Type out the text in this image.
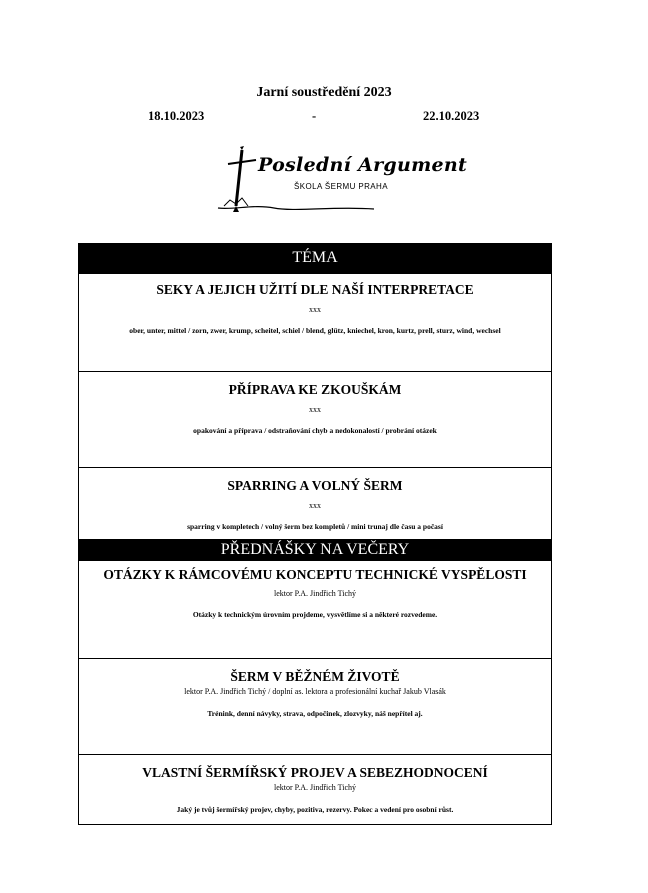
Jarní soustředění 2023
18.10.2023	-	22.10.2023
Poslední Argument
ŠKOLA ŠERMU PRAHA
TÉMA
SEKY A JEJICH UŽITÍ DLE NAŠÍ INTERPRETACE
xxx
ober, unter, mittel / zorn, zwer, krump, scheitel, schiel / blend, glütz, kniechel, kron, kurtz, prell, sturz, wind, wechsel
PŘÍPRAVA KE ZKOUŠKÁM
xxx
opakování a příprava / odstraňování chyb a nedokonalostí / probrání otázek
SPARRING A VOLNÝ ŠERM
xxx
sparring v kompletech / volný šerm bez kompletů / mini trunaj dle času a počasí
PŘEDNÁŠKY NA VEČERY
OTÁZKY K RÁMCOVÉMU KONCEPTU TECHNICKÉ VYSPĚLOSTI
lektor P.A. Jindřich Tichý
Otázky k technickým úrovním projdeme, vysvětlíme si a některé rozvedeme.
ŠERM V BĚŽNÉM ŽIVOTĚ
lektor P.A. Jindřich Tichý / doplní as. lektora a profesionální kuchař Jakub Vlasák
Trénink, denní návyky, strava, odpočinek, zlozvyky, náš nepřítel aj.
VLASTNÍ ŠERMÍŘSKÝ PROJEV A SEBEZHODNOCENÍ
lektor P.A. Jindřich Tichý
Jaký je tvůj šermířský projev, chyby, pozitiva, rezervy. Pokec a vedení pro osobní růst.
